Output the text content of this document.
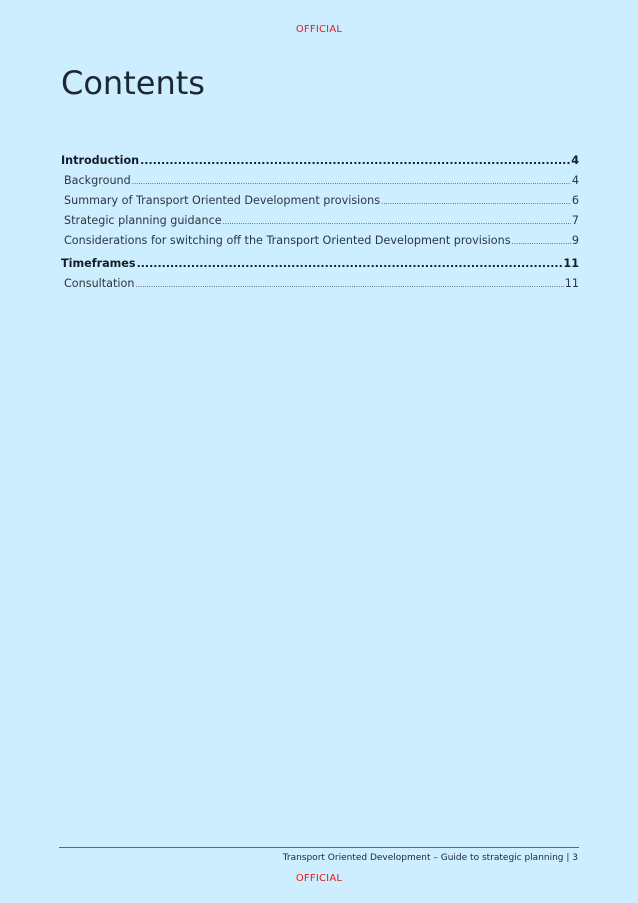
OFFICIAL
Contents
Introduction .....	4
Background .....	4
Summary of Transport Oriented Development provisions .....	6
Strategic planning guidance .....	7
Considerations for switching off the Transport Oriented Development provisions .....	9
Timeframes .....	11
Consultation .....	11
Transport Oriented Development – Guide to strategic planning | 3
OFFICIAL
